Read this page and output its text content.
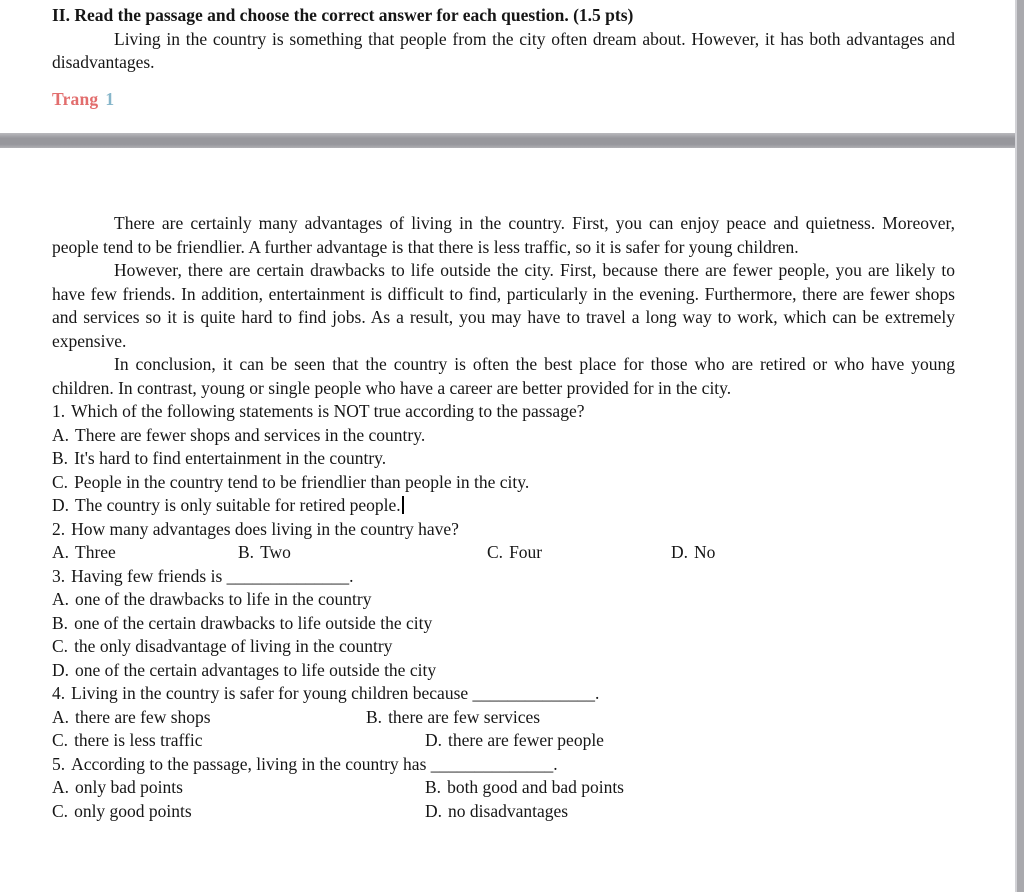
II. Read the passage and choose the correct answer for each question. (1.5 pts)
Living in the country is something that people from the city often dream about. However, it has both advantages and disadvantages.
Trang 1
There are certainly many advantages of living in the country. First, you can enjoy peace and quietness. Moreover, people tend to be friendlier. A further advantage is that there is less traffic, so it is safer for young children.
However, there are certain drawbacks to life outside the city. First, because there are fewer people, you are likely to have few friends. In addition, entertainment is difficult to find, particularly in the evening. Furthermore, there are fewer shops and services so it is quite hard to find jobs. As a result, you may have to travel a long way to work, which can be extremely expensive.
In conclusion, it can be seen that the country is often the best place for those who are retired or who have young children. In contrast, young or single people who have a career are better provided for in the city.
1. Which of the following statements is NOT true according to the passage?
A. There are fewer shops and services in the country.
B. It's hard to find entertainment in the country.
C. People in the country tend to be friendlier than people in the city.
D. The country is only suitable for retired people.
2. How many advantages does living in the country have?
A. Three	B. Two	C. Four	D. No
3. Having few friends is ______________.
A. one of the drawbacks to life in the country
B. one of the certain drawbacks to life outside the city
C. the only disadvantage of living in the country
D. one of the certain advantages to life outside the city
4. Living in the country is safer for young children because ______________.
A. there are few shops	B. there are few services
C. there is less traffic	D. there are fewer people
5. According to the passage, living in the country has ______________.
A. only bad points	B. both good and bad points
C. only good points	D. no disadvantages
